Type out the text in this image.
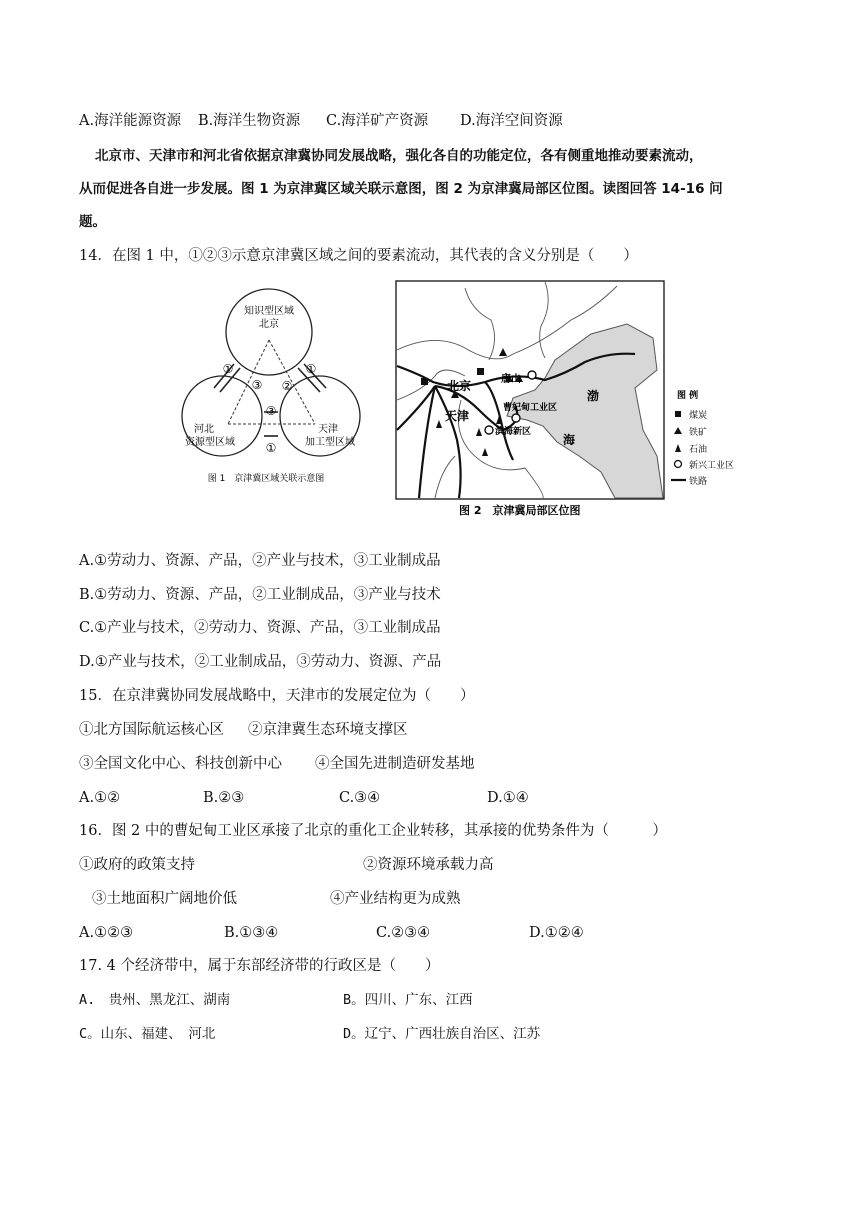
A.海洋能源资源 B.海洋生物资源 C.海洋矿产资源 D.海洋空间资源
北京市、天津市和河北省依据京津冀协同发展战略，强化各自的功能定位，各有侧重地推动要素流动，
从而促进各自进一步发展。图 1 为京津冀区域关联示意图，图 2 为京津冀局部区位图。读图回答 14-16 问
题。
14．在图 1 中，①②③示意京津冀区域之间的要素流动，其代表的含义分别是（　　）
知识型区域
北京
河北
资源型区域
天津
加工型区域
①
③ ②
①
③
①
图 1　京津冀区域关联示意图
北京	唐山
天津
曹妃甸工业区
滨海新区
渤
海
图 例
煤炭
铁矿
石油
新兴工业区
铁路
图 2　京津冀局部区位图
A.①劳动力、资源、产品，②产业与技术，③工业制成品
B.①劳动力、资源、产品，②工业制成品，③产业与技术
C.①产业与技术，②劳动力、资源、产品，③工业制成品
D.①产业与技术，②工业制成品，③劳动力、资源、产品
15．在京津冀协同发展战略中，天津市的发展定位为（　　）
①北方国际航运核心区 ②京津冀生态环境支撑区
③全国文化中心、科技创新中心 ④全国先进制造研发基地
A.①②	B.②③	C.③④	D.①④
16．图 2 中的曹妃甸工业区承接了北京的重化工企业转移，其承接的优势条件为（　　　）
①政府的政策支持	②资源环境承载力高
③土地面积广阔地价低	④产业结构更为成熟
A.①②③	B.①③④	C.②③④	D.①②④
17. 4 个经济带中，属于东部经济带的行政区是（　　）
A.　贵州、黑龙江、湖南	B。四川、广东、江西
C。山东、福建、　河北	D。辽宁、广西壮族自治区、江苏
